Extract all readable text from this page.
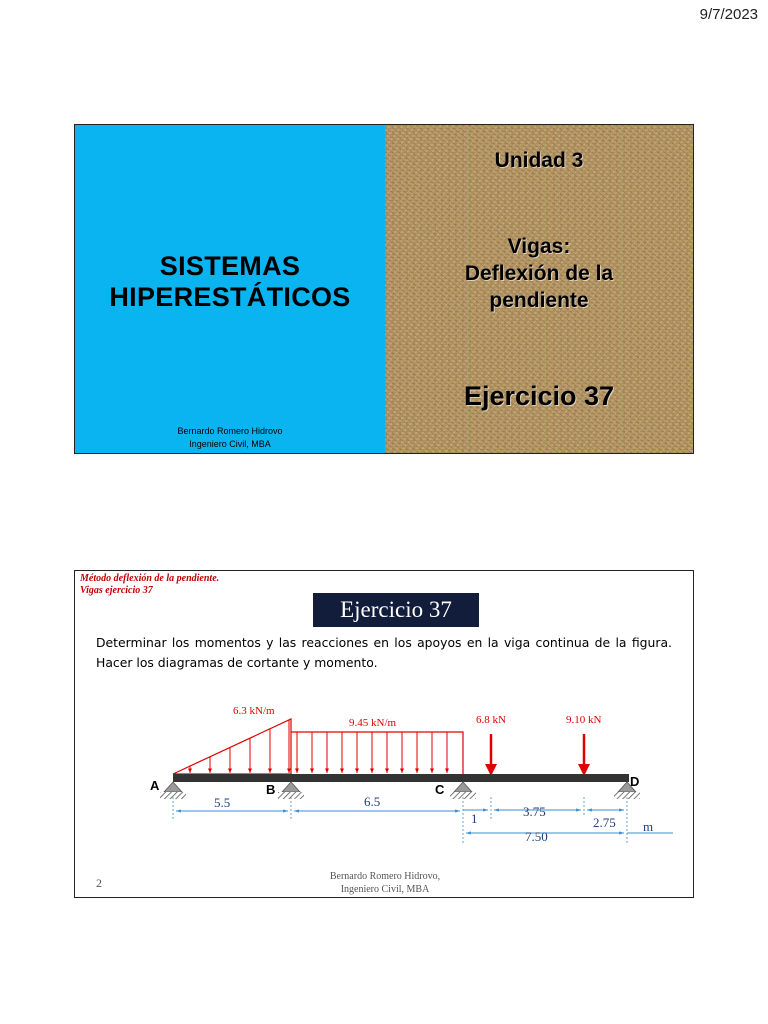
9/7/2023
SISTEMAS
HIPERESTÁTICOS
Bernardo Romero Hidrovo
Ingeniero Civil, MBA
Unidad 3
Vigas:
Deflexión de la
pendiente
Ejercicio 37
Método deflexión de la pendiente.
Vigas ejercicio 37
Ejercicio 37
Determinar los momentos y las reacciones en los apoyos en la viga continua de la figura. Hacer los diagramas de cortante y momento.
6.3 kN/m
9.45 kN/m	6.8 kN	9.10 kN
A	B	C
D
5.5	6.5
1	3.75
2.75
7.50
m
2	Bernardo Romero Hidrovo,
Ingeniero Civil, MBA
